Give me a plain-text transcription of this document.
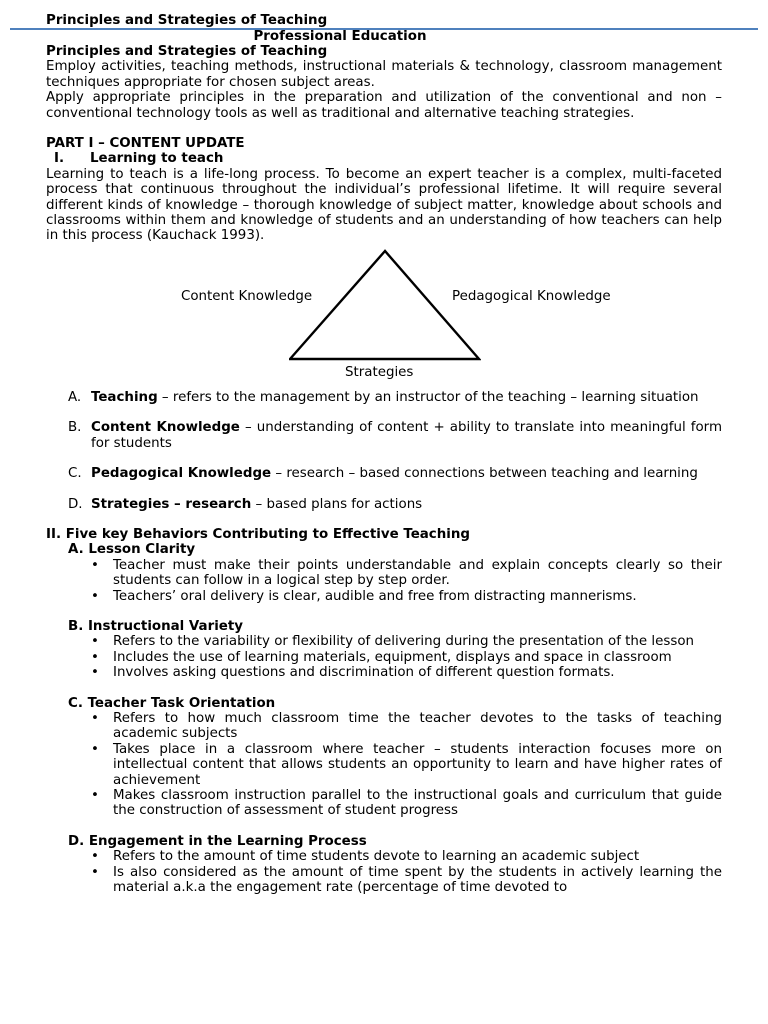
Principles and Strategies of Teaching
Professional Education

Principles and Strategies of Teaching

Employ activities, teaching methods, instructional materials & technology, classroom management techniques appropriate for chosen subject areas.

Apply appropriate principles in the preparation and utilization of the conventional and non – conventional technology tools as well as traditional and alternative teaching strategies.

PART I – CONTENT UPDATE

I. Learning to teach

Learning to teach is a life-long process. To become an expert teacher is a complex, multi-faceted process that continuous throughout the individual’s professional lifetime. It will require several different kinds of knowledge – thorough knowledge of subject matter, knowledge about schools and classrooms within them and knowledge of students and an understanding of how teachers can help in this process (Kauchack 1993).

Content Knowledge	Pedagogical Knowledge
Strategies
A. Teaching – refers to the management by an instructor of the teaching – learning situation
B. Content Knowledge – understanding of content + ability to translate into meaningful form for students
C. Pedagogical Knowledge – research – based connections between teaching and learning
D. Strategies – research – based plans for actions

II. Five key Behaviors Contributing to Effective Teaching

A. Lesson Clarity

• Teacher must make their points understandable and explain concepts clearly so their students can follow in a logical step by step order.
• Teachers’ oral delivery is clear, audible and free from distracting mannerisms.

B. Instructional Variety

• Refers to the variability or flexibility of delivering during the presentation of the lesson
• Includes the use of learning materials, equipment, displays and space in classroom
• Involves asking questions and discrimination of different question formats.

C. Teacher Task Orientation

• Refers to how much classroom time the teacher devotes to the tasks of teaching academic subjects
• Takes place in a classroom where teacher – students interaction focuses more on intellectual content that allows students an opportunity to learn and have higher rates of achievement
• Makes classroom instruction parallel to the instructional goals and curriculum that guide the construction of assessment of student progress

D. Engagement in the Learning Process

• Refers to the amount of time students devote to learning an academic subject
• Is also considered as the amount of time spent by the students in actively learning the material a.k.a the engagement rate (percentage of time devoted to
